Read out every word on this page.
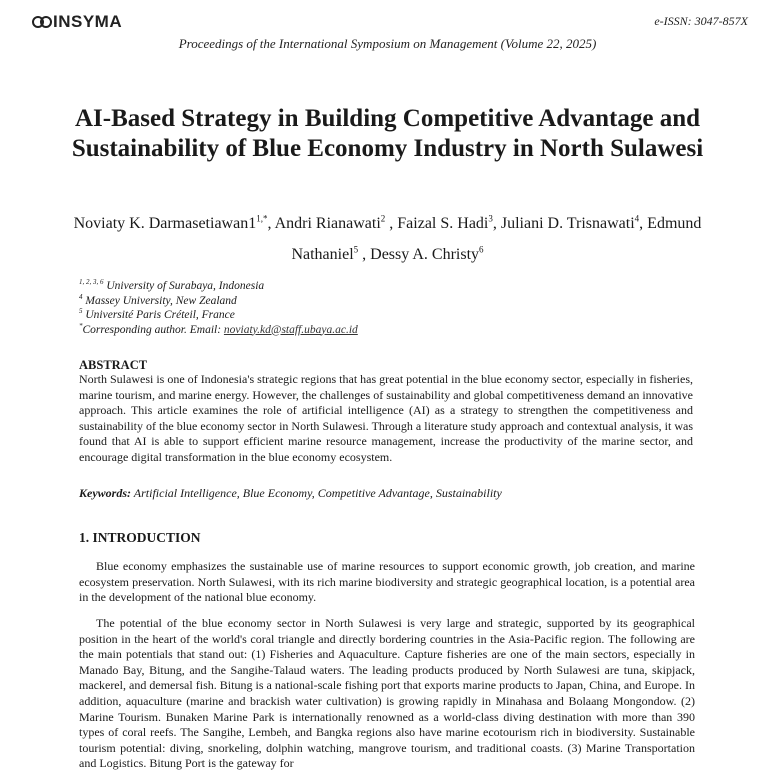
INSYMA	e-ISSN: 3047-857X
Proceedings of the International Symposium on Management (Volume 22, 2025)
AI-Based Strategy in Building Competitive Advantage and Sustainability of Blue Economy Industry in North Sulawesi
Noviaty K. $Darmasetiawan1^{1,*}$, Andri Rianawati$^2$ , Faizal S. Hadi$^3$, Juliani D. Trisnawati$^4$, Edmund Nathaniel$^5$ , Dessy A. Christy$^6$
$^{1, 2, 3, 6}$ University of Surabaya, Indonesia
$^4$ Massey University, New Zealand
$^5$ Université Paris Créteil, France
*Corresponding author. Email: noviaty.kd@staff.ubaya.ac.id
ABSTRACT
North Sulawesi is one of Indonesia's strategic regions that has great potential in the blue economy sector, especially in fisheries, marine tourism, and marine energy. However, the challenges of sustainability and global competitiveness demand an innovative approach. This article examines the role of artificial intelligence (AI) as a strategy to strengthen the competitiveness and sustainability of the blue economy sector in North Sulawesi. Through a literature study approach and contextual analysis, it was found that AI is able to support efficient marine resource management, increase the productivity of the marine sector, and encourage digital transformation in the blue economy ecosystem.
Keywords: Artificial Intelligence, Blue Economy, Competitive Advantage, Sustainability
1. INTRODUCTION
Blue economy emphasizes the sustainable use of marine resources to support economic growth, job creation, and marine ecosystem preservation. North Sulawesi, with its rich marine biodiversity and strategic geographical location, is a potential area in the development of the national blue economy.
The potential of the blue economy sector in North Sulawesi is very large and strategic, supported by its geographical position in the heart of the world's coral triangle and directly bordering countries in the Asia-Pacific region. The following are the main potentials that stand out: (1) Fisheries and Aquaculture. Capture fisheries are one of the main sectors, especially in Manado Bay, Bitung, and the Sangihe-Talaud waters. The leading products produced by North Sulawesi are tuna, skipjack, mackerel, and demersal fish. Bitung is a national-scale fishing port that exports marine products to Japan, China, and Europe. In addition, aquaculture (marine and brackish water cultivation) is growing rapidly in Minahasa and Bolaang Mongondow. (2) Marine Tourism. Bunaken Marine Park is internationally renowned as a world-class diving destination with more than 390 types of coral reefs. The Sangihe, Lembeh, and Bangka regions also have marine ecotourism rich in biodiversity. Sustainable tourism potential: diving, snorkeling, dolphin watching, mangrove tourism, and traditional coasts. (3) Marine Transportation and Logistics. Bitung Port is the gateway for
